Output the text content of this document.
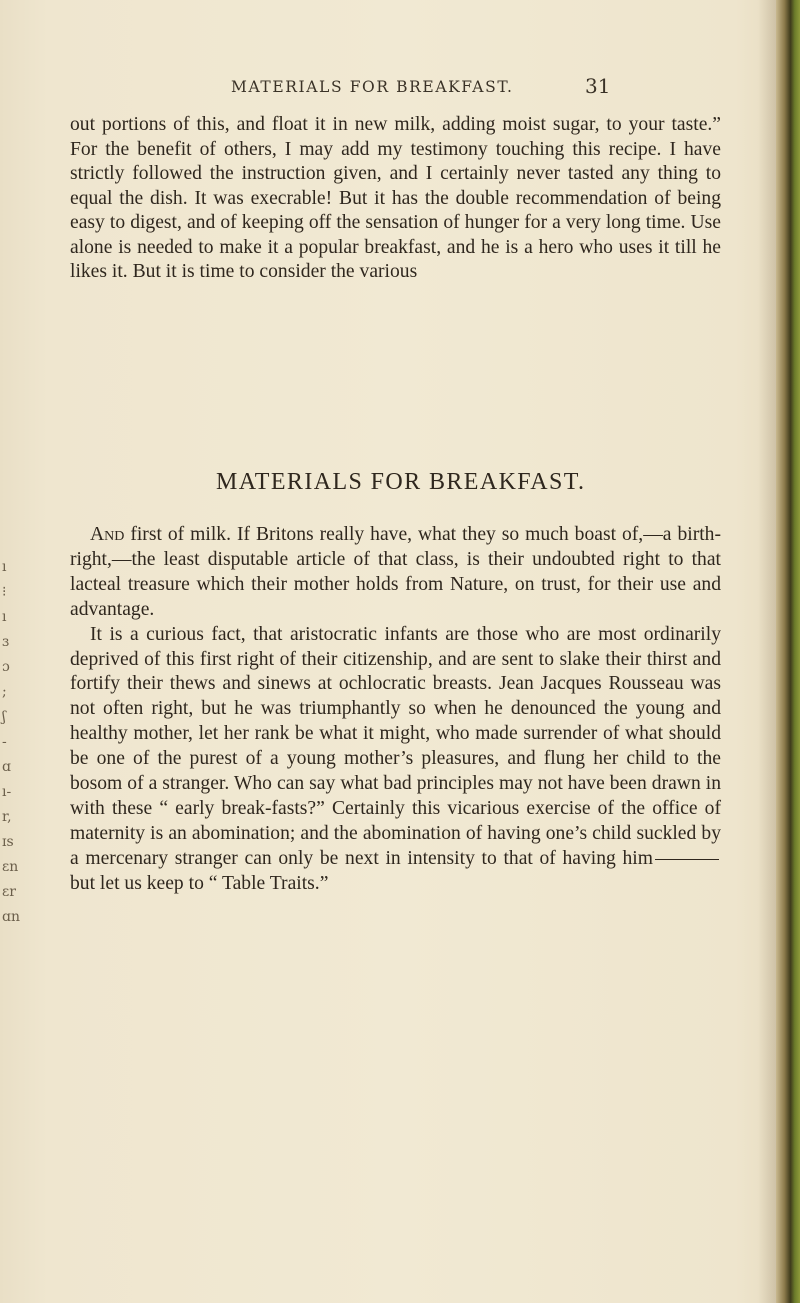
ı
⁝
ı
ɜ
ɔ
;
ʃ
-
ɑ
ı-
r,
ɪs
ɛn
ɛr
ɑn
MATERIALS FOR BREAKFAST.	31

out portions of this, and float it in new milk, adding moist sugar, to your taste.” For the benefit of others, I may add my testimony touching this recipe. I have strictly followed the instruction given, and I certainly never tasted any thing to equal the dish. It was execrable! But it has the double recommendation of being easy to digest, and of keeping off the sensation of hunger for a very long time. Use alone is needed to make it a popular breakfast, and he is a hero who uses it till he likes it. But it is time to consider the various

MATERIALS FOR BREAKFAST.

And first of milk. If Britons really have, what they so much boast of,—a birth-right,—the least disputable article of that class, is their undoubted right to that lacteal treasure which their mother holds from Nature, on trust, for their use and advantage.

It is a curious fact, that aristocratic infants are those who are most ordinarily deprived of this first right of their citizenship, and are sent to slake their thirst and fortify their thews and sinews at ochlocratic breasts. Jean Jacques Rousseau was not often right, but he was triumphantly so when he denounced the young and healthy mother, let her rank be what it might, who made surrender of what should be one of the purest of a young mother’s pleasures, and flung her child to the bosom of a stranger. Who can say what bad principles may not have been drawn in with these “ early break-fasts?” Certainly this vicarious exercise of the office of maternity is an abomination; and the abomination of having one’s child suckled by a mercenary stranger can only be next in intensity to that of having himbut let us keep to “ Table Traits.”
